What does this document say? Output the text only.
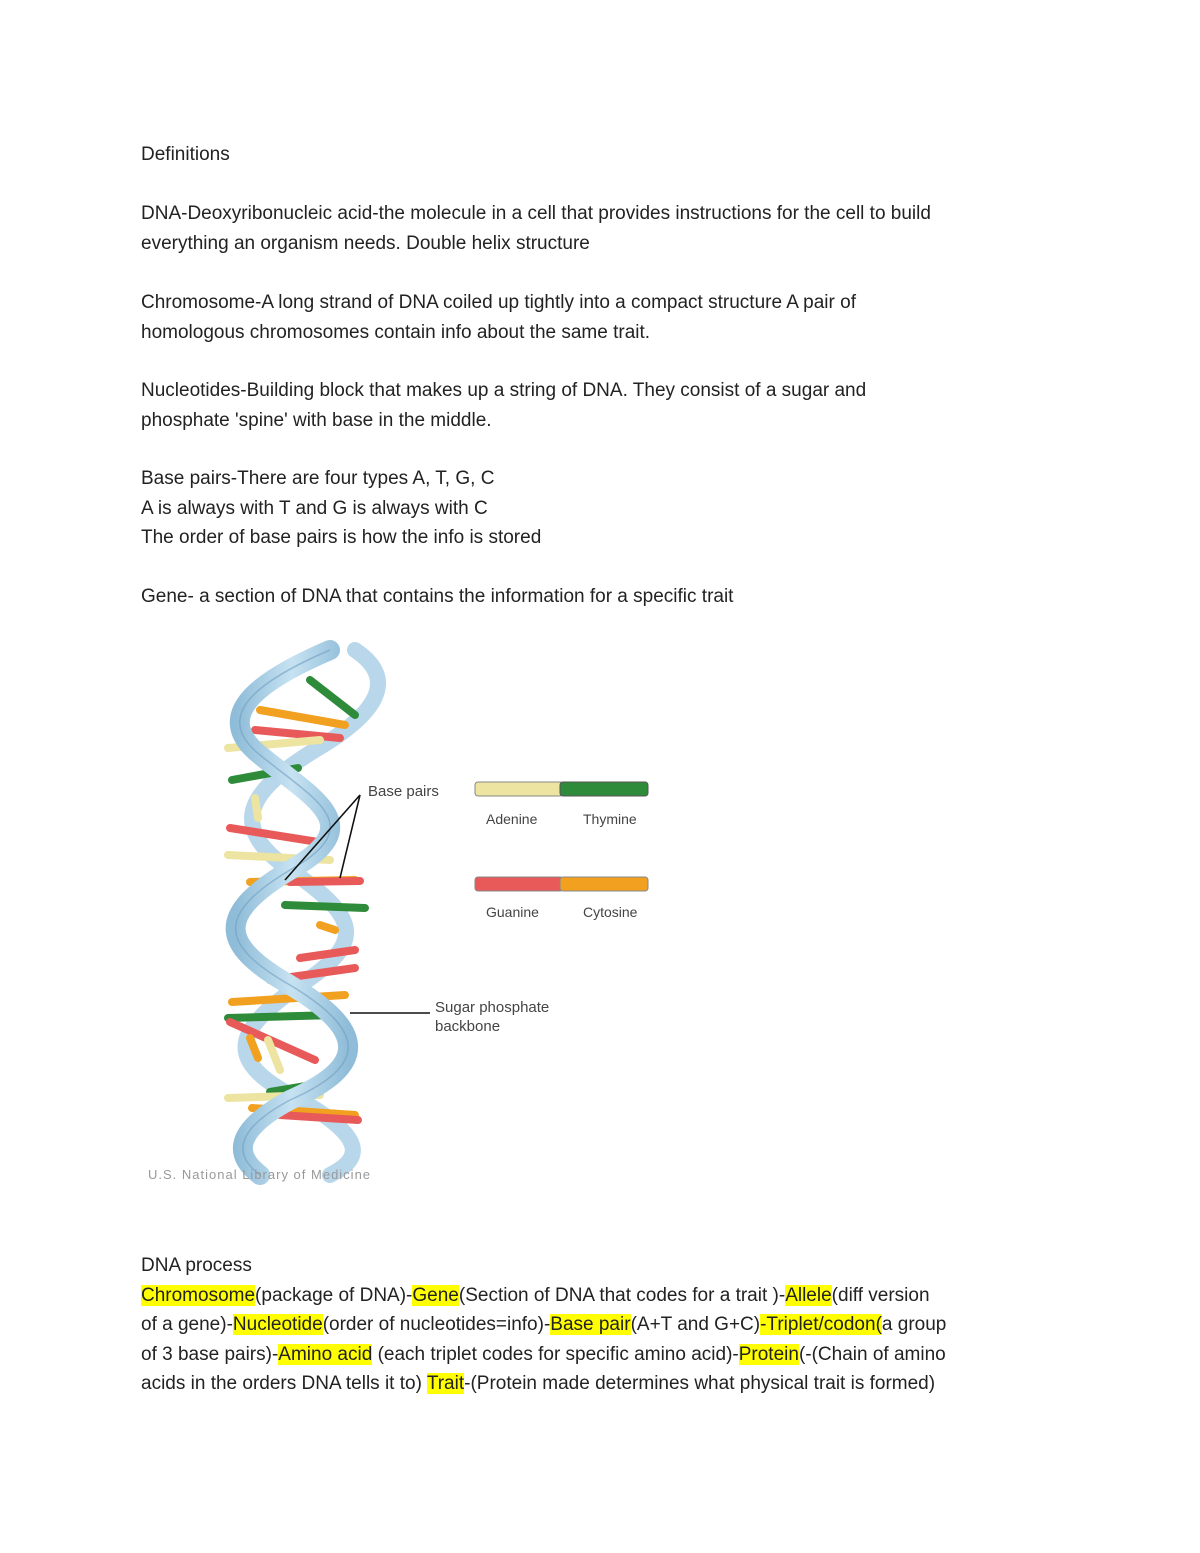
Definitions
DNA-Deoxyribonucleic acid-the molecule in a cell that provides instructions for the cell to build
everything an organism needs. Double helix structure
Chromosome-A long strand of DNA coiled up tightly into a compact structure A pair of
homologous chromosomes contain info about the same trait.
Nucleotides-Building block that makes up a string of DNA. They consist of a sugar and
phosphate 'spine' with base in the middle.
Base pairs-There are four types A, T, G, C
A is always with T and G is always with C
The order of base pairs is how the info is stored
Gene- a section of DNA that contains the information for a specific trait
Base pairs
Adenine	Thymine
Guanine	Cytosine
Sugar phosphate
backbone
U.S. National Library of Medicine
DNA process
Chromosome(package of DNA)-Gene(Section of DNA that codes for a trait )-Allele(diff version
of a gene)-Nucleotide(order of nucleotides=info)-Base pair(A+T and G+C)-Triplet/codon(a group
of 3 base pairs)-Amino acid (each triplet codes for specific amino acid)-Protein(-(Chain of amino
acids in the orders DNA tells it to) Trait-(Protein made determines what physical trait is formed)
